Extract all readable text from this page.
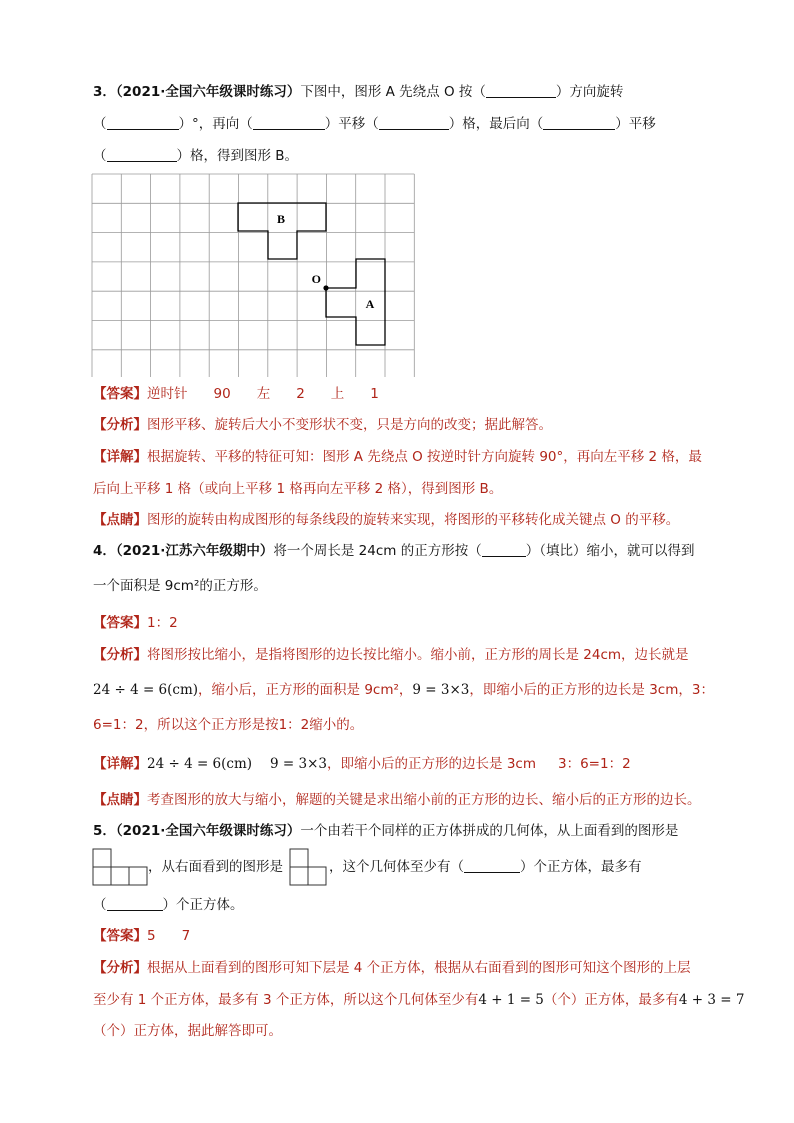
3．（2021·全国六年级课时练习）下图中，图形 A 先绕点 O 按（	）方向旋转
（	）°，再向（	）平移（	）格，最后向（	）平移
（	）格，得到图形 B。
B
A
O
【答案】逆时针 90 左 2 上 1
【分析】图形平移、旋转后大小不变形状不变，只是方向的改变；据此解答。
【详解】根据旋转、平移的特征可知：图形 A 先绕点 O 按逆时针方向旋转 90°，再向左平移 2 格，最
后向上平移 1 格（或向上平移 1 格再向左平移 2 格），得到图形 B。
【点睛】图形的旋转由构成图形的每条线段的旋转来实现，将图形的平移转化成关键点 O 的平移。
4．（2021·江苏六年级期中）将一个周长是 24cm 的正方形按（	）（填比）缩小，就可以得到
一个面积是 9cm²的正方形。
【答案】1：2
【分析】将图形按比缩小，是指将图形的边长按比缩小。缩小前，正方形的周长是 24cm，边长就是
24 ÷ 4 = 6(cm)，缩小后，正方形的面积是 9cm²，9 = 3×3，即缩小后的正方形的边长是 3cm，3：
6=1：2，所以这个正方形是按1：2缩小的。
【详解】24 ÷ 4 = 6(cm) 9 = 3×3，即缩小后的正方形的边长是 3cm 3：6=1：2
【点睛】考查图形的放大与缩小，解题的关键是求出缩小前的正方形的边长、缩小后的正方形的边长。
5．（2021·全国六年级课时练习）一个由若干个同样的正方体拼成的几何体，从上面看到的图形是
，从右面看到的图形是	，这个几何体至少有（	）个正方体，最多有
（	）个正方体。
【答案】5 7
【分析】根据从上面看到的图形可知下层是 4 个正方体，根据从右面看到的图形可知这个图形的上层
至少有 1 个正方体，最多有 3 个正方体，所以这个几何体至少有4 + 1 = 5（个）正方体，最多有4 + 3 = 7
（个）正方体，据此解答即可。
